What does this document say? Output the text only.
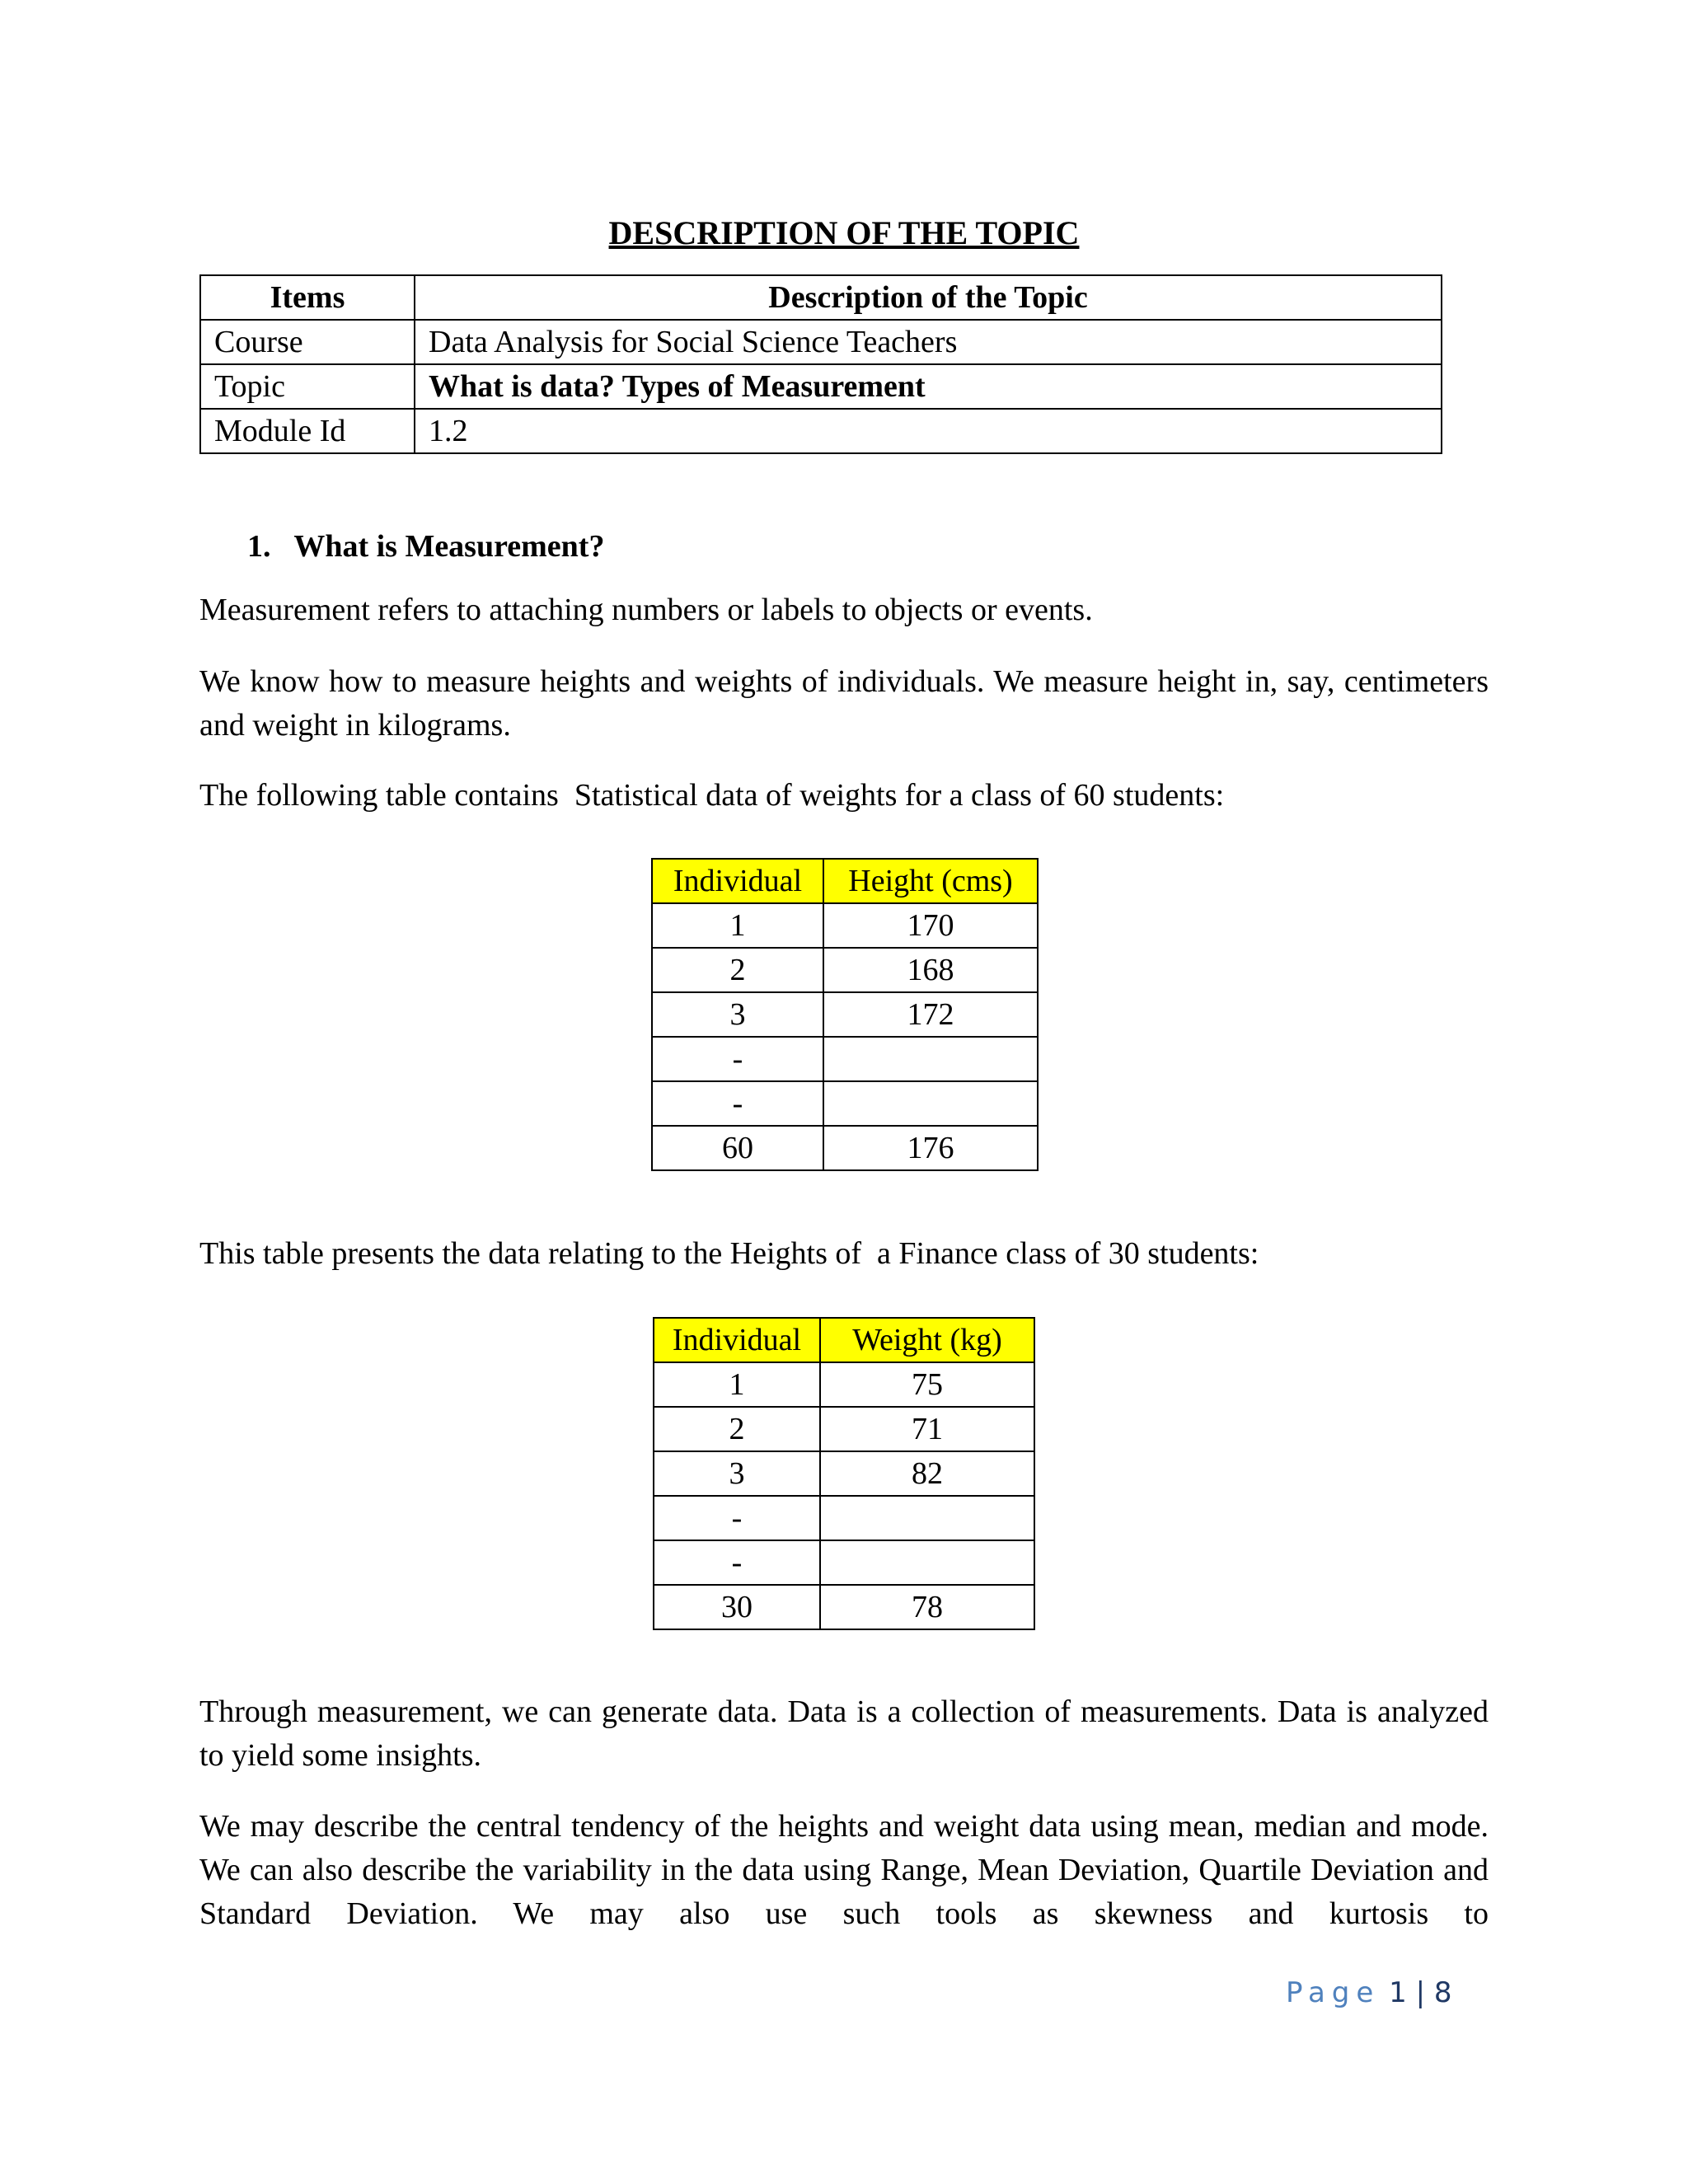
DESCRIPTION OF THE TOPIC
Items	Description of the Topic
Course	Data Analysis for Social Science Teachers
Topic	What is data? Types of Measurement
Module Id	1.2
1.   What is Measurement?
Measurement refers to attaching numbers or labels to objects or events.
We know how to measure heights and weights of individuals. We measure height in, say, centimeters and weight in kilograms.
The following table contains  Statistical data of weights for a class of 60 students:
Individual	Height (cms)
1	170
2	168
3	172
-	
-	
60	176
This table presents the data relating to the Heights of  a Finance class of 30 students:
Individual	Weight (kg)
1	75
2	71
3	82
-	
-	
30	78
Through measurement, we can generate data. Data is a collection of measurements. Data is analyzed to yield some insights.
We may describe the central tendency of the heights and weight data using mean, median and mode. We can also describe the variability in the data using Range, Mean Deviation, Quartile Deviation and Standard Deviation. We may also use such tools as skewness and kurtosis to
Page 1 | 8
